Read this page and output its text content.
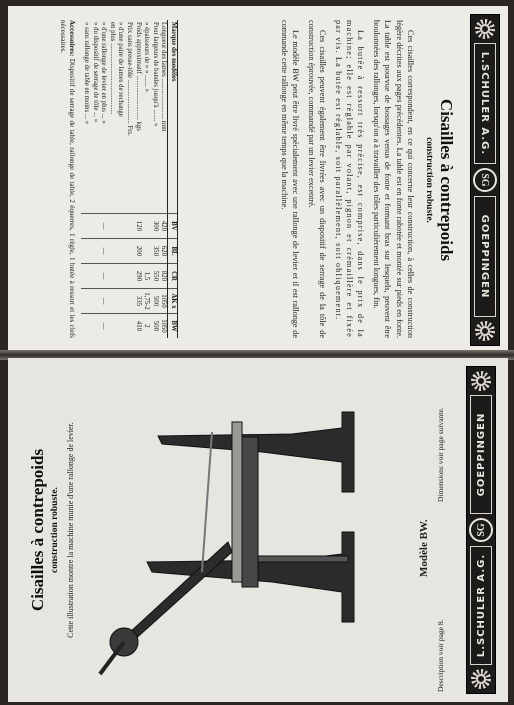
L.SCHULER A.G.
SG
GOEPPINGEN
Cisailles à contrepoids
construction robuste.

Ces cisailles correspondent, en ce qui concerne leur construction, à celles de construction légère décrites aux pages précédentes. La table est en fonte rabotée et montée sur pieds en fonte. La table est pourvue de bossages venus de fonte et formant bras sur lesquels, peuvent être boulonnées des rallonges, lorsqu'on a à travailler des tôles particulièrement longues, fin.

La butée à ressort très précise, est comprise, dans le prix de la machine; elle est réglable par volant, pignon et crémaillère et fixée par vis. La butée est réglable, soit parallèlement, soit obliquement.

Ces cisailles peuvent également être livrées avec un dispositif de serrage de la tôle de construction éprouvée, commandé par un levier excentré.

Le modèle BW peut être livré spécialement avec une rallonge de levier et il est rallonge de commande cette rallonge en même temps que la machine.

Marque des modèles	BV	BL	CR	AK x	BW
Longueur des lames ........................ mm	420	620	820	1050	1050
Pour largeurs de bandes jusqu'à ....... »	300	350	550	500	500
» épaisseurs de » » ....... »			1,5	1,75-2	2
Poids approximatif .......................... kgs	120	200	290	335	410
Prix sans presse-tôle .......................... Frs.					
» d'une paire de lames de rechange					
en plus ..........................................					
» d'une rallonge de levier en plus ... »	—	—	—	—	—
» du dispositif de serrage de tôle ... »					
» sans rallonge de table en moins ... »					
Accessoires: Dispositif de serrage de table, rallonge de table, 2 équerres, 1 règle, 1 butée à ressort et les clefs nécessaires.
Cisailles à contrepoids construction robuste. Cette illustration montre la machine munie d'une rallonge de levier.	Modèle BW.
Description voir page 8.
Dimensions voir page suivante.
L.SCHULER A.G.
SG
GOEPPINGEN
